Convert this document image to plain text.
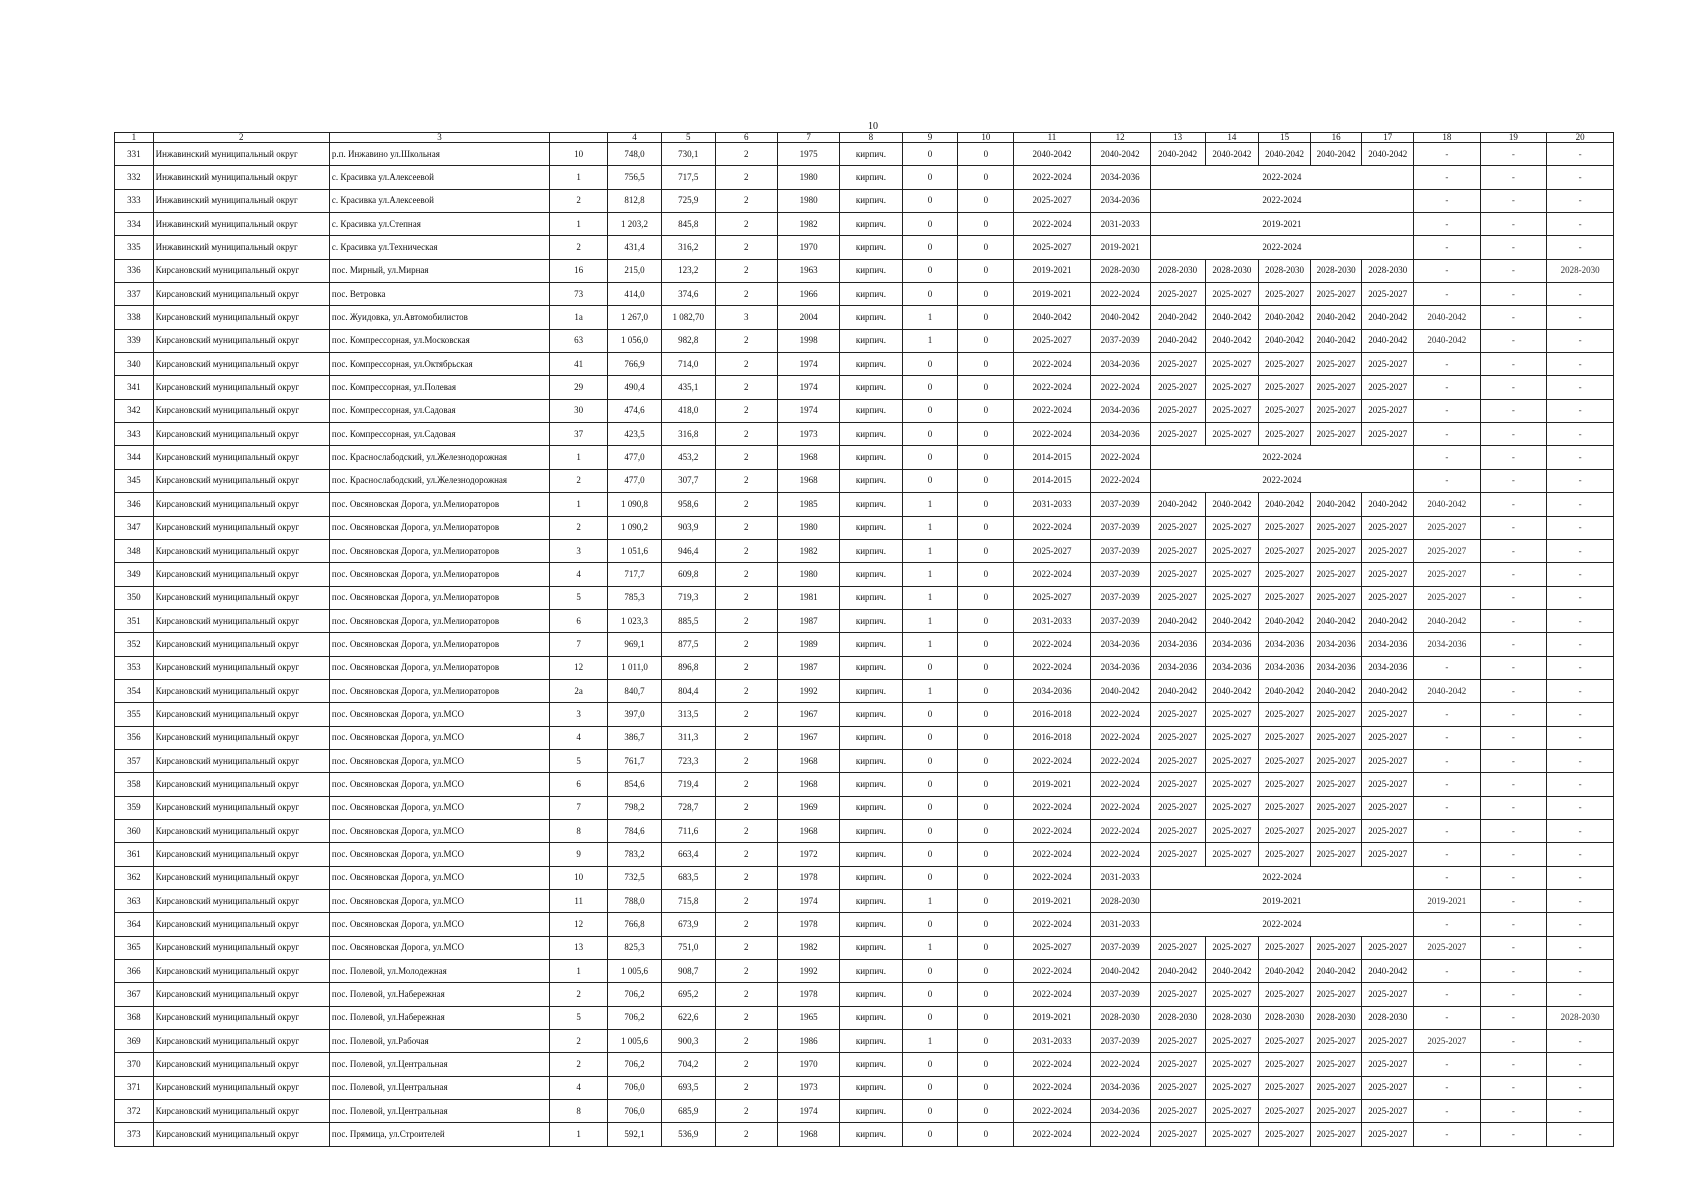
10
1	2	3		4	5	6	7	8	9	10	11	12	13	14	15	16	17	18	19	20
331	Инжавинский муниципальный округ	р.п. Инжавино ул.Школьная	10	748,0	730,1	2	1975	кирпич.	0	0	2040-2042	2040-2042	2040-2042	2040-2042	2040-2042	2040-2042	2040-2042	-	-	-
332	Инжавинский муниципальный округ	с. Красивка ул.Алексеевой	1	756,5	717,5	2	1980	кирпич.	0	0	2022-2024	2034-2036	2022-2024					-	-	-
333	Инжавинский муниципальный округ	с. Красивка ул.Алексеевой	2	812,8	725,9	2	1980	кирпич.	0	0	2025-2027	2034-2036	2022-2024					-	-	-
334	Инжавинский муниципальный округ	с. Красивка ул.Степная	1	1 203,2	845,8	2	1982	кирпич.	0	0	2022-2024	2031-2033	2019-2021					-	-	-
335	Инжавинский муниципальный округ	с. Красивка ул.Техническая	2	431,4	316,2	2	1970	кирпич.	0	0	2025-2027	2019-2021	2022-2024					-	-	-
336	Кирсановский муниципальный округ	пос. Мирный, ул.Мирная	16	215,0	123,2	2	1963	кирпич.	0	0	2019-2021	2028-2030	2028-2030	2028-2030	2028-2030	2028-2030	2028-2030	-	-	2028-2030
337	Кирсановский муниципальный округ	пос. Ветровка	73	414,0	374,6	2	1966	кирпич.	0	0	2019-2021	2022-2024	2025-2027	2025-2027	2025-2027	2025-2027	2025-2027	-	-	-
338	Кирсановский муниципальный округ	пос. Жуидовка, ул.Автомобилистов	1а	1 267,0	1 082,70	3	2004	кирпич.	1	0	2040-2042	2040-2042	2040-2042	2040-2042	2040-2042	2040-2042	2040-2042	2040-2042	-	-
339	Кирсановский муниципальный округ	пос. Компрессорная, ул.Московская	63	1 056,0	982,8	2	1998	кирпич.	1	0	2025-2027	2037-2039	2040-2042	2040-2042	2040-2042	2040-2042	2040-2042	2040-2042	-	-
340	Кирсановский муниципальный округ	пос. Компрессорная, ул.Октябрьская	41	766,9	714,0	2	1974	кирпич.	0	0	2022-2024	2034-2036	2025-2027	2025-2027	2025-2027	2025-2027	2025-2027	-	-	-
341	Кирсановский муниципальный округ	пос. Компрессорная, ул.Полевая	29	490,4	435,1	2	1974	кирпич.	0	0	2022-2024	2022-2024	2025-2027	2025-2027	2025-2027	2025-2027	2025-2027	-	-	-
342	Кирсановский муниципальный округ	пос. Компрессорная, ул.Садовая	30	474,6	418,0	2	1974	кирпич.	0	0	2022-2024	2034-2036	2025-2027	2025-2027	2025-2027	2025-2027	2025-2027	-	-	-
343	Кирсановский муниципальный округ	пос. Компрессорная, ул.Садовая	37	423,5	316,8	2	1973	кирпич.	0	0	2022-2024	2034-2036	2025-2027	2025-2027	2025-2027	2025-2027	2025-2027	-	-	-
344	Кирсановский муниципальный округ	пос. Краснослабодский, ул.Железнодорожная	1	477,0	453,2	2	1968	кирпич.	0	0	2014-2015	2022-2024	2022-2024					-	-	-
345	Кирсановский муниципальный округ	пос. Краснослабодский, ул.Железнодорожная	2	477,0	307,7	2	1968	кирпич.	0	0	2014-2015	2022-2024	2022-2024					-	-	-
346	Кирсановский муниципальный округ	пос. Овсяновская Дорога, ул.Мелиораторов	1	1 090,8	958,6	2	1985	кирпич.	1	0	2031-2033	2037-2039	2040-2042	2040-2042	2040-2042	2040-2042	2040-2042	2040-2042	-	-
347	Кирсановский муниципальный округ	пос. Овсяновская Дорога, ул.Мелиораторов	2	1 090,2	903,9	2	1980	кирпич.	1	0	2022-2024	2037-2039	2025-2027	2025-2027	2025-2027	2025-2027	2025-2027	2025-2027	-	-
348	Кирсановский муниципальный округ	пос. Овсяновская Дорога, ул.Мелиораторов	3	1 051,6	946,4	2	1982	кирпич.	1	0	2025-2027	2037-2039	2025-2027	2025-2027	2025-2027	2025-2027	2025-2027	2025-2027	-	-
349	Кирсановский муниципальный округ	пос. Овсяновская Дорога, ул.Мелиораторов	4	717,7	609,8	2	1980	кирпич.	1	0	2022-2024	2037-2039	2025-2027	2025-2027	2025-2027	2025-2027	2025-2027	2025-2027	-	-
350	Кирсановский муниципальный округ	пос. Овсяновская Дорога, ул.Мелиораторов	5	785,3	719,3	2	1981	кирпич.	1	0	2025-2027	2037-2039	2025-2027	2025-2027	2025-2027	2025-2027	2025-2027	2025-2027	-	-
351	Кирсановский муниципальный округ	пос. Овсяновская Дорога, ул.Мелиораторов	6	1 023,3	885,5	2	1987	кирпич.	1	0	2031-2033	2037-2039	2040-2042	2040-2042	2040-2042	2040-2042	2040-2042	2040-2042	-	-
352	Кирсановский муниципальный округ	пос. Овсяновская Дорога, ул.Мелиораторов	7	969,1	877,5	2	1989	кирпич.	1	0	2022-2024	2034-2036	2034-2036	2034-2036	2034-2036	2034-2036	2034-2036	2034-2036	-	-
353	Кирсановский муниципальный округ	пос. Овсяновская Дорога, ул.Мелиораторов	12	1 011,0	896,8	2	1987	кирпич.	0	0	2022-2024	2034-2036	2034-2036	2034-2036	2034-2036	2034-2036	2034-2036	-	-	-
354	Кирсановский муниципальный округ	пос. Овсяновская Дорога, ул.Мелиораторов	2а	840,7	804,4	2	1992	кирпич.	1	0	2034-2036	2040-2042	2040-2042	2040-2042	2040-2042	2040-2042	2040-2042	2040-2042	-	-
355	Кирсановский муниципальный округ	пос. Овсяновская Дорога, ул.МСО	3	397,0	313,5	2	1967	кирпич.	0	0	2016-2018	2022-2024	2025-2027	2025-2027	2025-2027	2025-2027	2025-2027	-	-	-
356	Кирсановский муниципальный округ	пос. Овсяновская Дорога, ул.МСО	4	386,7	311,3	2	1967	кирпич.	0	0	2016-2018	2022-2024	2025-2027	2025-2027	2025-2027	2025-2027	2025-2027	-	-	-
357	Кирсановский муниципальный округ	пос. Овсяновская Дорога, ул.МСО	5	761,7	723,3	2	1968	кирпич.	0	0	2022-2024	2022-2024	2025-2027	2025-2027	2025-2027	2025-2027	2025-2027	-	-	-
358	Кирсановский муниципальный округ	пос. Овсяновская Дорога, ул.МСО	6	854,6	719,4	2	1968	кирпич.	0	0	2019-2021	2022-2024	2025-2027	2025-2027	2025-2027	2025-2027	2025-2027	-	-	-
359	Кирсановский муниципальный округ	пос. Овсяновская Дорога, ул.МСО	7	798,2	728,7	2	1969	кирпич.	0	0	2022-2024	2022-2024	2025-2027	2025-2027	2025-2027	2025-2027	2025-2027	-	-	-
360	Кирсановский муниципальный округ	пос. Овсяновская Дорога, ул.МСО	8	784,6	711,6	2	1968	кирпич.	0	0	2022-2024	2022-2024	2025-2027	2025-2027	2025-2027	2025-2027	2025-2027	-	-	-
361	Кирсановский муниципальный округ	пос. Овсяновская Дорога, ул.МСО	9	783,2	663,4	2	1972	кирпич.	0	0	2022-2024	2022-2024	2025-2027	2025-2027	2025-2027	2025-2027	2025-2027	-	-	-
362	Кирсановский муниципальный округ	пос. Овсяновская Дорога, ул.МСО	10	732,5	683,5	2	1978	кирпич.	0	0	2022-2024	2031-2033	2022-2024					-	-	-
363	Кирсановский муниципальный округ	пос. Овсяновская Дорога, ул.МСО	11	788,0	715,8	2	1974	кирпич.	1	0	2019-2021	2028-2030	2019-2021					2019-2021	-	-
364	Кирсановский муниципальный округ	пос. Овсяновская Дорога, ул.МСО	12	766,8	673,9	2	1978	кирпич.	0	0	2022-2024	2031-2033	2022-2024					-	-	-
365	Кирсановский муниципальный округ	пос. Овсяновская Дорога, ул.МСО	13	825,3	751,0	2	1982	кирпич.	1	0	2025-2027	2037-2039	2025-2027	2025-2027	2025-2027	2025-2027	2025-2027	2025-2027	-	-
366	Кирсановский муниципальный округ	пос. Полевой, ул.Молодежная	1	1 005,6	908,7	2	1992	кирпич.	0	0	2022-2024	2040-2042	2040-2042	2040-2042	2040-2042	2040-2042	2040-2042	-	-	-
367	Кирсановский муниципальный округ	пос. Полевой, ул.Набережная	2	706,2	695,2	2	1978	кирпич.	0	0	2022-2024	2037-2039	2025-2027	2025-2027	2025-2027	2025-2027	2025-2027	-	-	-
368	Кирсановский муниципальный округ	пос. Полевой, ул.Набережная	5	706,2	622,6	2	1965	кирпич.	0	0	2019-2021	2028-2030	2028-2030	2028-2030	2028-2030	2028-2030	2028-2030	-	-	2028-2030
369	Кирсановский муниципальный округ	пос. Полевой, ул.Рабочая	2	1 005,6	900,3	2	1986	кирпич.	1	0	2031-2033	2037-2039	2025-2027	2025-2027	2025-2027	2025-2027	2025-2027	2025-2027	-	-
370	Кирсановский муниципальный округ	пос. Полевой, ул.Центральная	2	706,2	704,2	2	1970	кирпич.	0	0	2022-2024	2022-2024	2025-2027	2025-2027	2025-2027	2025-2027	2025-2027	-	-	-
371	Кирсановский муниципальный округ	пос. Полевой, ул.Центральная	4	706,0	693,5	2	1973	кирпич.	0	0	2022-2024	2034-2036	2025-2027	2025-2027	2025-2027	2025-2027	2025-2027	-	-	-
372	Кирсановский муниципальный округ	пос. Полевой, ул.Центральная	8	706,0	685,9	2	1974	кирпич.	0	0	2022-2024	2034-2036	2025-2027	2025-2027	2025-2027	2025-2027	2025-2027	-	-	-
373	Кирсановский муниципальный округ	пос. Прямица, ул.Строителей	1	592,1	536,9	2	1968	кирпич.	0	0	2022-2024	2022-2024	2025-2027	2025-2027	2025-2027	2025-2027	2025-2027	-	-	-
